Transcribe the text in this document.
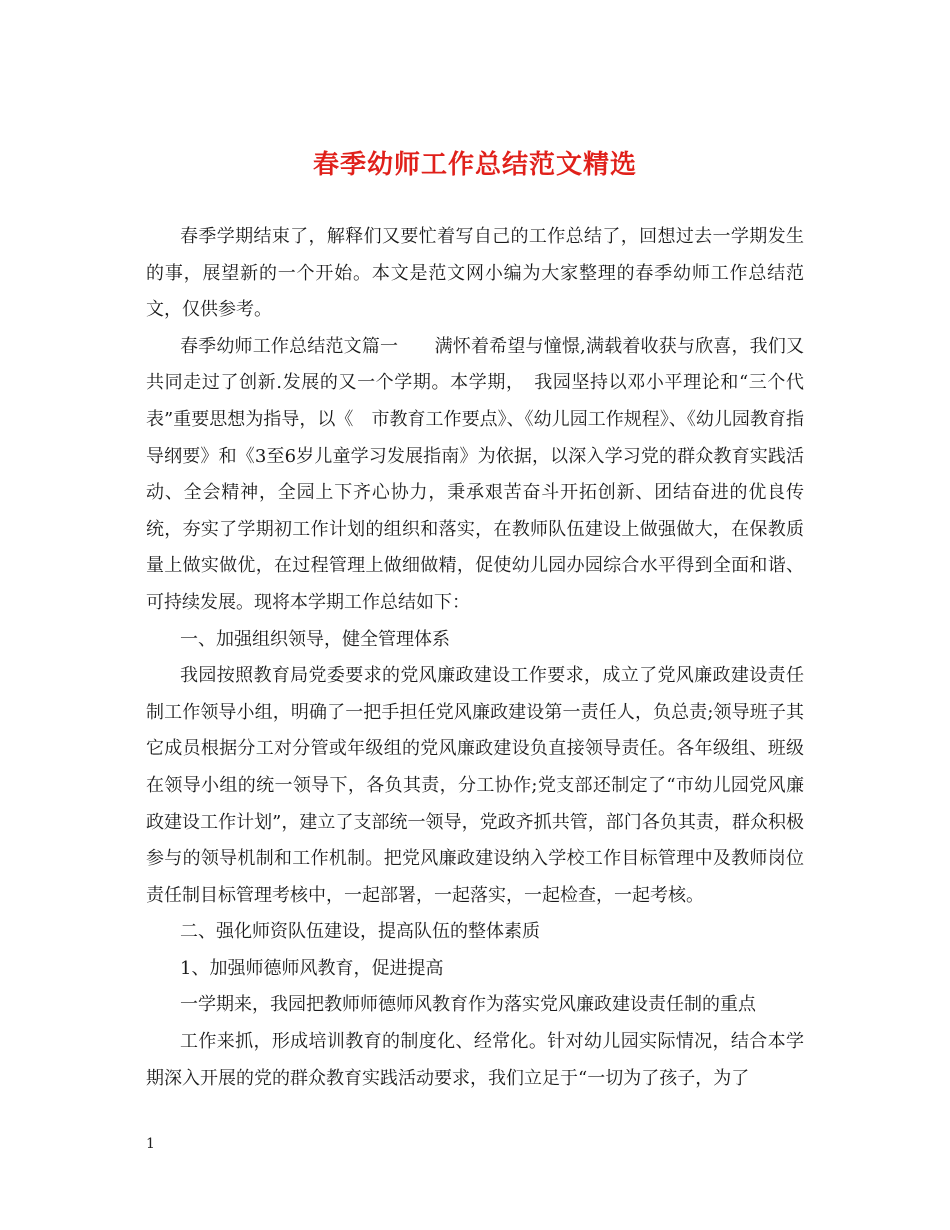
春季幼师工作总结范文精选

春季学期结束了，解释们又要忙着写自己的工作总结了，回想过去一学期发生的事，展望新的一个开始。本文是范文网小编为大家整理的春季幼师工作总结范文，仅供参考。

春季幼师工作总结范文篇一　　满怀着希望与憧憬,满载着收获与欣喜，我们又共同走过了创新.发展的又一个学期。本学期，　我园坚持以邓小平理论和“三个代表”重要思想为指导，以《　市教育工作要点》、《幼儿园工作规程》、《幼儿园教育指导纲要》和《3至6岁儿童学习发展指南》为依据，以深入学习党的群众教育实践活动、全会精神，全园上下齐心协力，秉承艰苦奋斗开拓创新、团结奋进的优良传统，夯实了学期初工作计划的组织和落实，在教师队伍建设上做强做大，在保教质量上做实做优，在过程管理上做细做精，促使幼儿园办园综合水平得到全面和谐、可持续发展。现将本学期工作总结如下：

一、加强组织领导，健全管理体系

我园按照教育局党委要求的党风廉政建设工作要求，成立了党风廉政建设责任制工作领导小组，明确了一把手担任党风廉政建设第一责任人，负总责;领导班子其它成员根据分工对分管或年级组的党风廉政建设负直接领导责任。各年级组、班级在领导小组的统一领导下，各负其责，分工协作;党支部还制定了“市幼儿园党风廉政建设工作计划”，建立了支部统一领导，党政齐抓共管，部门各负其责，群众积极参与的领导机制和工作机制。把党风廉政建设纳入学校工作目标管理中及教师岗位责任制目标管理考核中，一起部署，一起落实，一起检查，一起考核。

二、强化师资队伍建设，提高队伍的整体素质

1、加强师德师风教育，促进提高

一学期来，我园把教师师德师风教育作为落实党风廉政建设责任制的重点

工作来抓，形成培训教育的制度化、经常化。针对幼儿园实际情况，结合本学期深入开展的党的群众教育实践活动要求，我们立足于“一切为了孩子，为了

1
